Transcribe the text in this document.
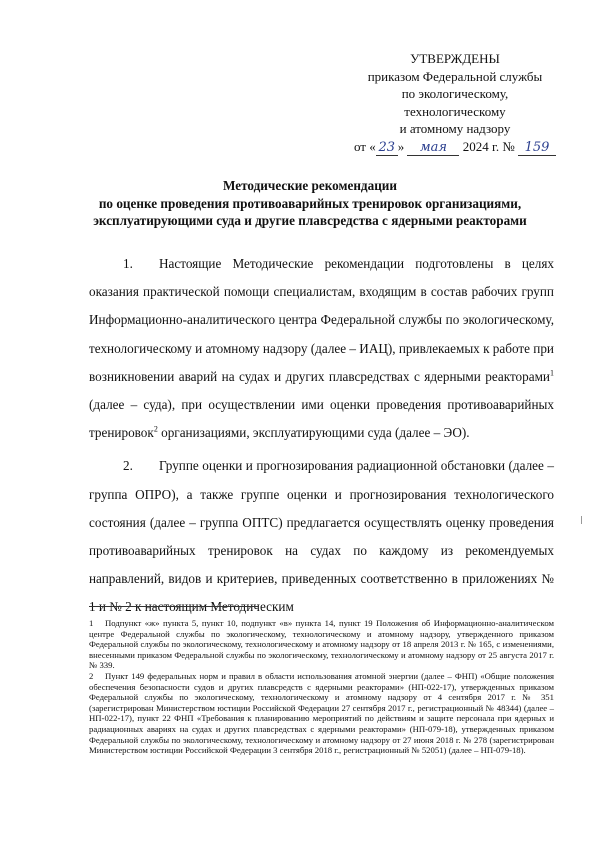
УТВЕРЖДЕНЫ
приказом Федеральной службы
по экологическому,
технологическому
и атомному надзору
от « 23 » мая 2024 г. № 159
Методические рекомендации
по оценке проведения противоаварийных тренировок организациями,
эксплуатирующими суда и другие плавсредства с ядерными реакторами

1. Настоящие Методические рекомендации подготовлены в целях оказания практической помощи специалистам, входящим в состав рабочих групп Информационно-аналитического центра Федеральной службы по экологическому, технологическому и атомному надзору (далее – ИАЦ), привлекаемых к работе при возникновении аварий на судах и других плавсредствах с ядерными реакторами$^1$ (далее – суда), при осуществлении ими оценки проведения противоаварийных тренировок$^2$ организациями, эксплуатирующими суда (далее – ЭО).

2. Группе оценки и прогнозирования радиационной обстановки (далее – группа ОПРО), а также группе оценки и прогнозирования технологического состояния (далее – группа ОПТС) предлагается осуществлять оценку проведения противоаварийных тренировок на судах по каждому из рекомендуемых направлений, видов и критериев, приведенных соответственно в приложениях № 1 и № 2 к настоящим Методическим

1 Подпункт «ж» пункта 5, пункт 10, подпункт «в» пункта 14, пункт 19 Положения об Информационно-аналитическом центре Федеральной службы по экологическому, технологическому и атомному надзору, утвержденного приказом Федеральной службы по экологическому, технологическому и атомному надзору от 18 апреля 2013 г. № 165, с изменениями, внесенными приказом Федеральной службы по экологическому, технологическому и атомному надзору от 25 августа 2017 г. № 339.

2 Пункт 149 федеральных норм и правил в области использования атомной энергии (далее – ФНП) «Общие положения обеспечения безопасности судов и других плавсредств с ядерными реакторами» (НП-022-17), утвержденных приказом Федеральной службы по экологическому, технологическому и атомному надзору от 4 сентября 2017 г. № 351 (зарегистрирован Министерством юстиции Российской Федерации 27 сентября 2017 г., регистрационный № 48344) (далее – НП-022-17), пункт 22 ФНП «Требования к планированию мероприятий по действиям и защите персонала при ядерных и радиационных авариях на судах и других плавсредствах с ядерными реакторами» (НП-079-18), утвержденных приказом Федеральной службы по экологическому, технологическому и атомному надзору от 27 июня 2018 г. № 278 (зарегистрирован Министерством юстиции Российской Федерации 3 сентября 2018 г., регистрационный № 52051) (далее – НП-079-18).
